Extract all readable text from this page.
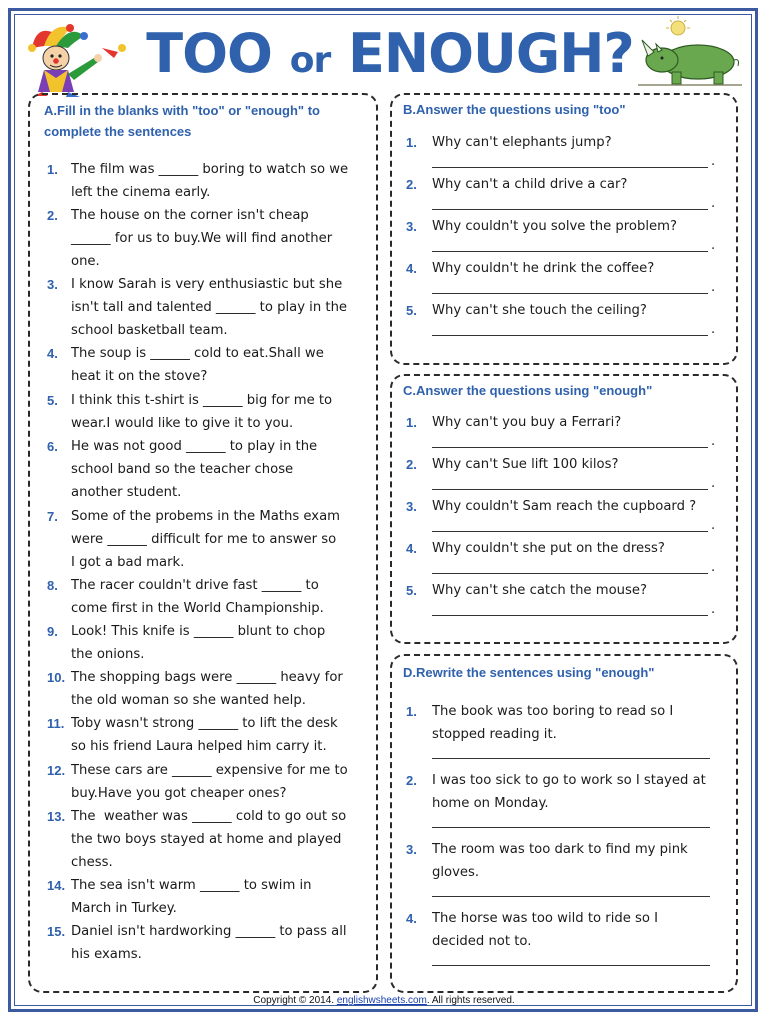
TOO or ENOUGH?
A.Fill in the blanks with "too" or "enough" to
complete the sentences
1. The film was ______ boring to watch so we
left the cinema early.
2. The house on the corner isn't cheap
______ for us to buy.We will find another
one.
3. I know Sarah is very enthusiastic but she
isn't tall and talented ______ to play in the
school basketball team.
4. The soup is ______ cold to eat.Shall we
heat it on the stove?
5. I think this t-shirt is ______ big for me to
wear.I would like to give it to you.
6. He was not good ______ to play in the
school band so the teacher chose
another student.
7. Some of the probems in the Maths exam
were ______ difficult for me to answer so
I got a bad mark.
8. The racer couldn't drive fast ______ to
come first in the World Championship.
9. Look! This knife is ______ blunt to chop
the onions.
10. The shopping bags were ______ heavy for
the old woman so she wanted help.
11. Toby wasn't strong ______ to lift the desk
so his friend Laura helped him carry it.
12. These cars are ______ expensive for me to
buy.Have you got cheaper ones?
13. The  weather was ______ cold to go out so
the two boys stayed at home and played
chess.
14. The sea isn't warm ______ to swim in
March in Turkey.
15. Daniel isn't hardworking ______ to pass all
his exams.
B.Answer the questions using "too"
1. Why can't elephants jump?
.
2. Why can't a child drive a car?
.
3. Why couldn't you solve the problem?
.
4. Why couldn't he drink the coffee?
.
5. Why can't she touch the ceiling?
.
C.Answer the questions using "enough"
1. Why can't you buy a Ferrari?
.
2. Why can't Sue lift 100 kilos?
.
3. Why couldn't Sam reach the cupboard ?
.
4. Why couldn't she put on the dress?
.
5. Why can't she catch the mouse?
.
D.Rewrite the sentences using "enough"
1. The book was too boring to read so I
stopped reading it.
2. I was too sick to go to work so I stayed at
home on Monday.
3. The room was too dark to find my pink
gloves.
4. The horse was too wild to ride so I
decided not to.
Copyright © 2014. englishwsheets.com. All rights reserved.
